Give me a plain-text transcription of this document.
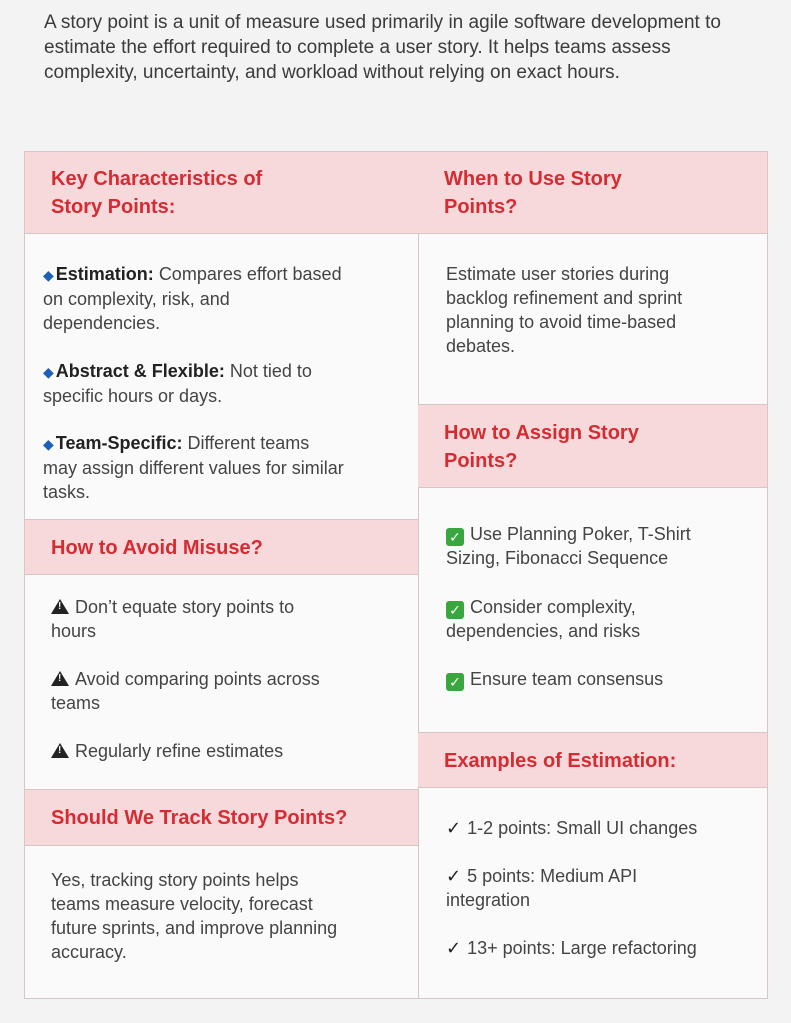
A story point is a unit of measure used primarily in agile software development to estimate the effort required to complete a user story. It helps teams assess complexity, uncertainty, and workload without relying on exact hours.
Key Characteristics of
Story Points:
◆ Estimation: Compares effort based
on complexity, risk, and
dependencies.
◆ Abstract & Flexible: Not tied to
specific hours or days.
◆ Team-Specific: Different teams
may assign different values for similar
tasks.
How to Avoid Misuse?
!Don’t equate story points to
hours
!Avoid comparing points across
teams
!Regularly refine estimates
Should We Track Story Points?
Yes, tracking story points helps
teams measure velocity, forecast
future sprints, and improve planning
accuracy.
When to Use Story
Points?
Estimate user stories during
backlog refinement and sprint
planning to avoid time-based
debates.
How to Assign Story
Points?
✓ Use Planning Poker, T-Shirt
Sizing, Fibonacci Sequence
✓ Consider complexity,
dependencies, and risks
✓ Ensure team consensus
Examples of Estimation:
✓ 1-2 points: Small UI changes
✓ 5 points: Medium API
integration
✓ 13+ points: Large refactoring
